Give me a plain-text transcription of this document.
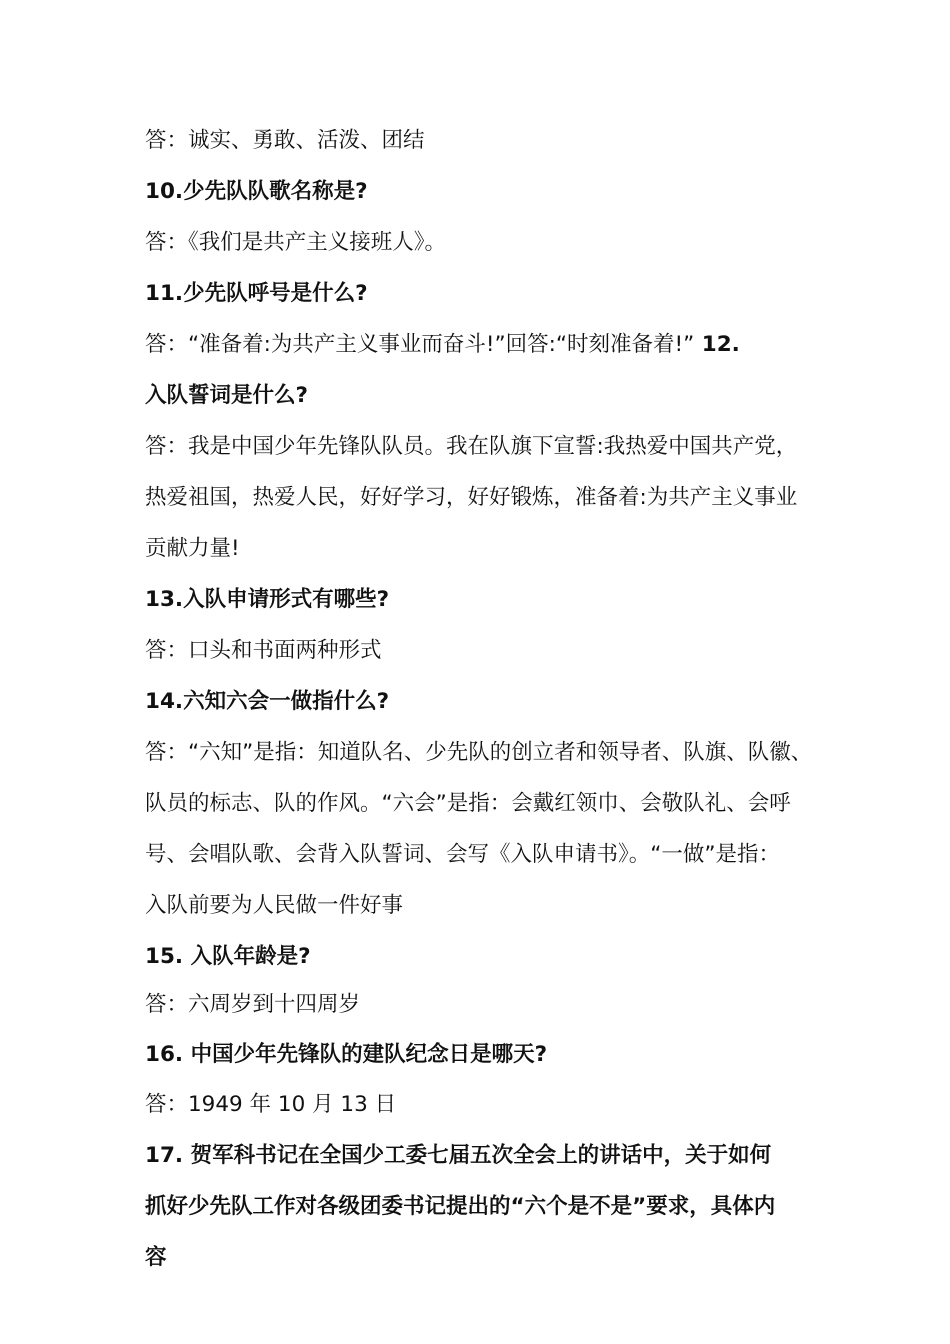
答：诚实、勇敢、活泼、团结
10.少先队队歌名称是?
答：《我们是共产主义接班人》。
11.少先队呼号是什么?
答：“准备着:为共产主义事业而奋斗!”回答:“时刻准备着!” 12.
入队誓词是什么?
答：我是中国少年先锋队队员。我在队旗下宣誓:我热爱中国共产党，
热爱祖国，热爱人民，好好学习，好好锻炼，准备着:为共产主义事业
贡献力量!
13.入队申请形式有哪些?
答：口头和书面两种形式
14.六知六会一做指什么?
答：“六知”是指：知道队名、少先队的创立者和领导者、队旗、队徽、
队员的标志、队的作风。“六会”是指：会戴红领巾、会敬队礼、会呼
号、会唱队歌、会背入队誓词、会写《入队申请书》。“一做”是指：
入队前要为人民做一件好事
15. 入队年龄是?
答：六周岁到十四周岁
16. 中国少年先锋队的建队纪念日是哪天?
答：1949 年 10 月 13 日
17. 贺军科书记在全国少工委七届五次全会上的讲话中，关于如何
抓好少先队工作对各级团委书记提出的“六个是不是”要求，具体内
容
